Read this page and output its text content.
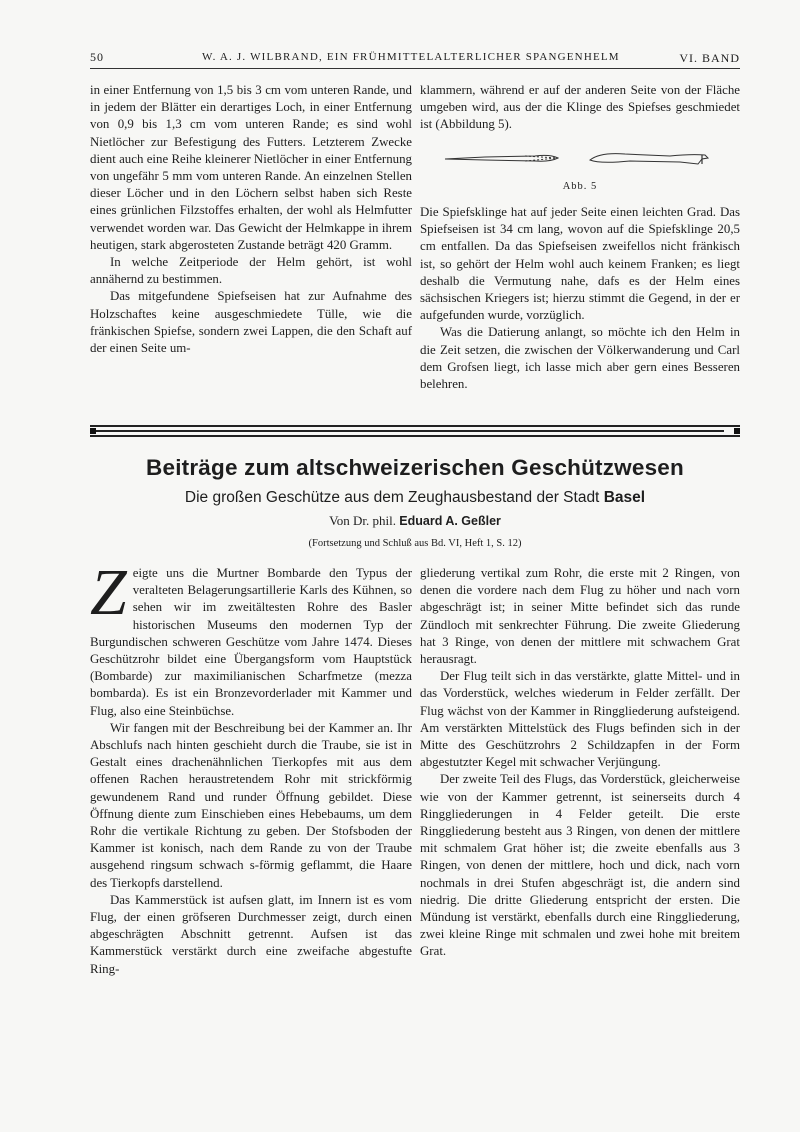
50	W. A. J. WILBRAND, EIN FRÜHMITTELALTERLICHER SPANGENHELM	VI. BAND

in einer Entfernung von 1,5 bis 3 cm vom unteren Rande, und in jedem der Blätter ein derartiges Loch, in einer Entfernung von 0,9 bis 1,3 cm vom unteren Rande; es sind wohl Nietlöcher zur Befestigung des Futters. Letzterem Zwecke dient auch eine Reihe kleinerer Nietlöcher in einer Entfernung von ungefähr 5 mm vom unteren Rande. An einzelnen Stellen dieser Löcher und in den Löchern selbst haben sich Reste eines grünlichen Filzstoffes erhalten, der wohl als Helmfutter verwendet worden war. Das Gewicht der Helmkappe in ihrem heutigen, stark abgerosteten Zustande beträgt 420 Gramm.

In welche Zeitperiode der Helm gehört, ist wohl annähernd zu bestimmen.

Das mitgefundene Spiefseisen hat zur Aufnahme des Holzschaftes keine ausgeschmiedete Tülle, wie die fränkischen Spiefse, sondern zwei Lappen, die den Schaft auf der einen Seite um-

klammern, während er auf der anderen Seite von der Fläche umgeben wird, aus der die Klinge des Spiefses geschmiedet ist (Abbildung 5).

Abb. 5

Die Spiefsklinge hat auf jeder Seite einen leichten Grad. Das Spiefseisen ist 34 cm lang, wovon auf die Spiefsklinge 20,5 cm entfallen. Da das Spiefseisen zweifellos nicht fränkisch ist, so gehört der Helm wohl auch keinem Franken; es liegt deshalb die Vermutung nahe, dafs es der Helm eines sächsischen Kriegers ist; hierzu stimmt die Gegend, in der er aufgefunden wurde, vorzüglich.

Was die Datierung anlangt, so möchte ich den Helm in die Zeit setzen, die zwischen der Völkerwanderung und Carl dem Grofsen liegt, ich lasse mich aber gern eines Besseren belehren.

Beiträge zum altschweizerischen Geschützwesen
Die großen Geschütze aus dem Zeughausbestand der Stadt Basel
Von Dr. phil. Eduard A. Geßler
(Fortsetzung und Schluß aus Bd. VI, Heft 1, S. 12)

Zeigte uns die Murtner Bombarde den Typus der veralteten Belagerungsartillerie Karls des Kühnen, so sehen wir im zweitältesten Rohre des Basler historischen Museums den modernen Typ der Burgundischen schweren Geschütze vom Jahre 1474. Dieses Geschützrohr bildet eine Übergangsform vom Hauptstück (Bombarde) zur maximilianischen Scharfmetze (mezza bombarda). Es ist ein Bronzevorderlader mit Kammer und Flug, also eine Steinbüchse.

Wir fangen mit der Beschreibung bei der Kammer an. Ihr Abschlufs nach hinten geschieht durch die Traube, sie ist in Gestalt eines drachenähnlichen Tierkopfes mit aus dem offenen Rachen heraustretendem Rohr mit strickförmig gewundenem Rand und runder Öffnung gebildet. Diese Öffnung diente zum Einschieben eines Hebebaums, um dem Rohr die vertikale Richtung zu geben. Der Stofsboden der Kammer ist konisch, nach dem Rande zu von der Traube ausgehend ringsum schwach s-förmig geflammt, die Haare des Tierkopfs darstellend.

Das Kammerstück ist aufsen glatt, im Innern ist es vom Flug, der einen gröfseren Durchmesser zeigt, durch einen abgeschrägten Abschnitt getrennt. Aufsen ist das Kammerstück verstärkt durch eine zweifache abgestufte Ring-

gliederung vertikal zum Rohr, die erste mit 2 Ringen, von denen die vordere nach dem Flug zu höher und nach vorn abgeschrägt ist; in seiner Mitte befindet sich das runde Zündloch mit senkrechter Führung. Die zweite Gliederung hat 3 Ringe, von denen der mittlere mit schwachem Grat herausragt.

Der Flug teilt sich in das verstärkte, glatte Mittel- und in das Vorderstück, welches wiederum in Felder zerfällt. Der Flug wächst von der Kammer in Ringgliederung aufsteigend. Am verstärkten Mittelstück des Flugs befinden sich in der Mitte des Geschützrohrs 2 Schildzapfen in der Form abgestutzter Kegel mit schwacher Verjüngung.

Der zweite Teil des Flugs, das Vorderstück, gleicherweise wie von der Kammer getrennt, ist seinerseits durch 4 Ringgliederungen in 4 Felder geteilt. Die erste Ringgliederung besteht aus 3 Ringen, von denen der mittlere mit schmalem Grat höher ist; die zweite ebenfalls aus 3 Ringen, von denen der mittlere, hoch und dick, nach vorn nochmals in drei Stufen abgeschrägt ist, die andern sind niedrig. Die dritte Gliederung entspricht der ersten. Die Mündung ist verstärkt, ebenfalls durch eine Ringgliederung, zwei kleine Ringe mit schmalen und zwei hohe mit breitem Grat.
